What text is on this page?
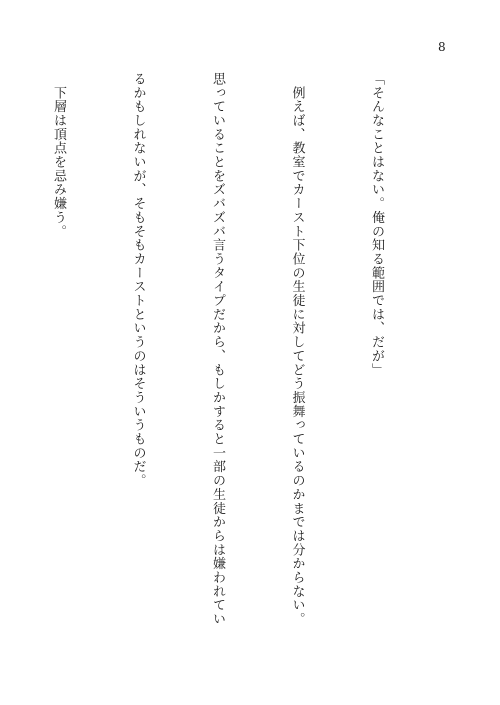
8

「そんなことはない。俺の知る範囲では、だが」

　例えば、教室でカースト下位の生徒に対してどう振舞っているのかまでは分からない。

思っていることをズバズバ言うタイプだから、もしかすると一部の生徒からは嫌われてい

るかもしれないが、そもそもカーストというのはそういうものだ。

　下層は頂点を忌み嫌う。
